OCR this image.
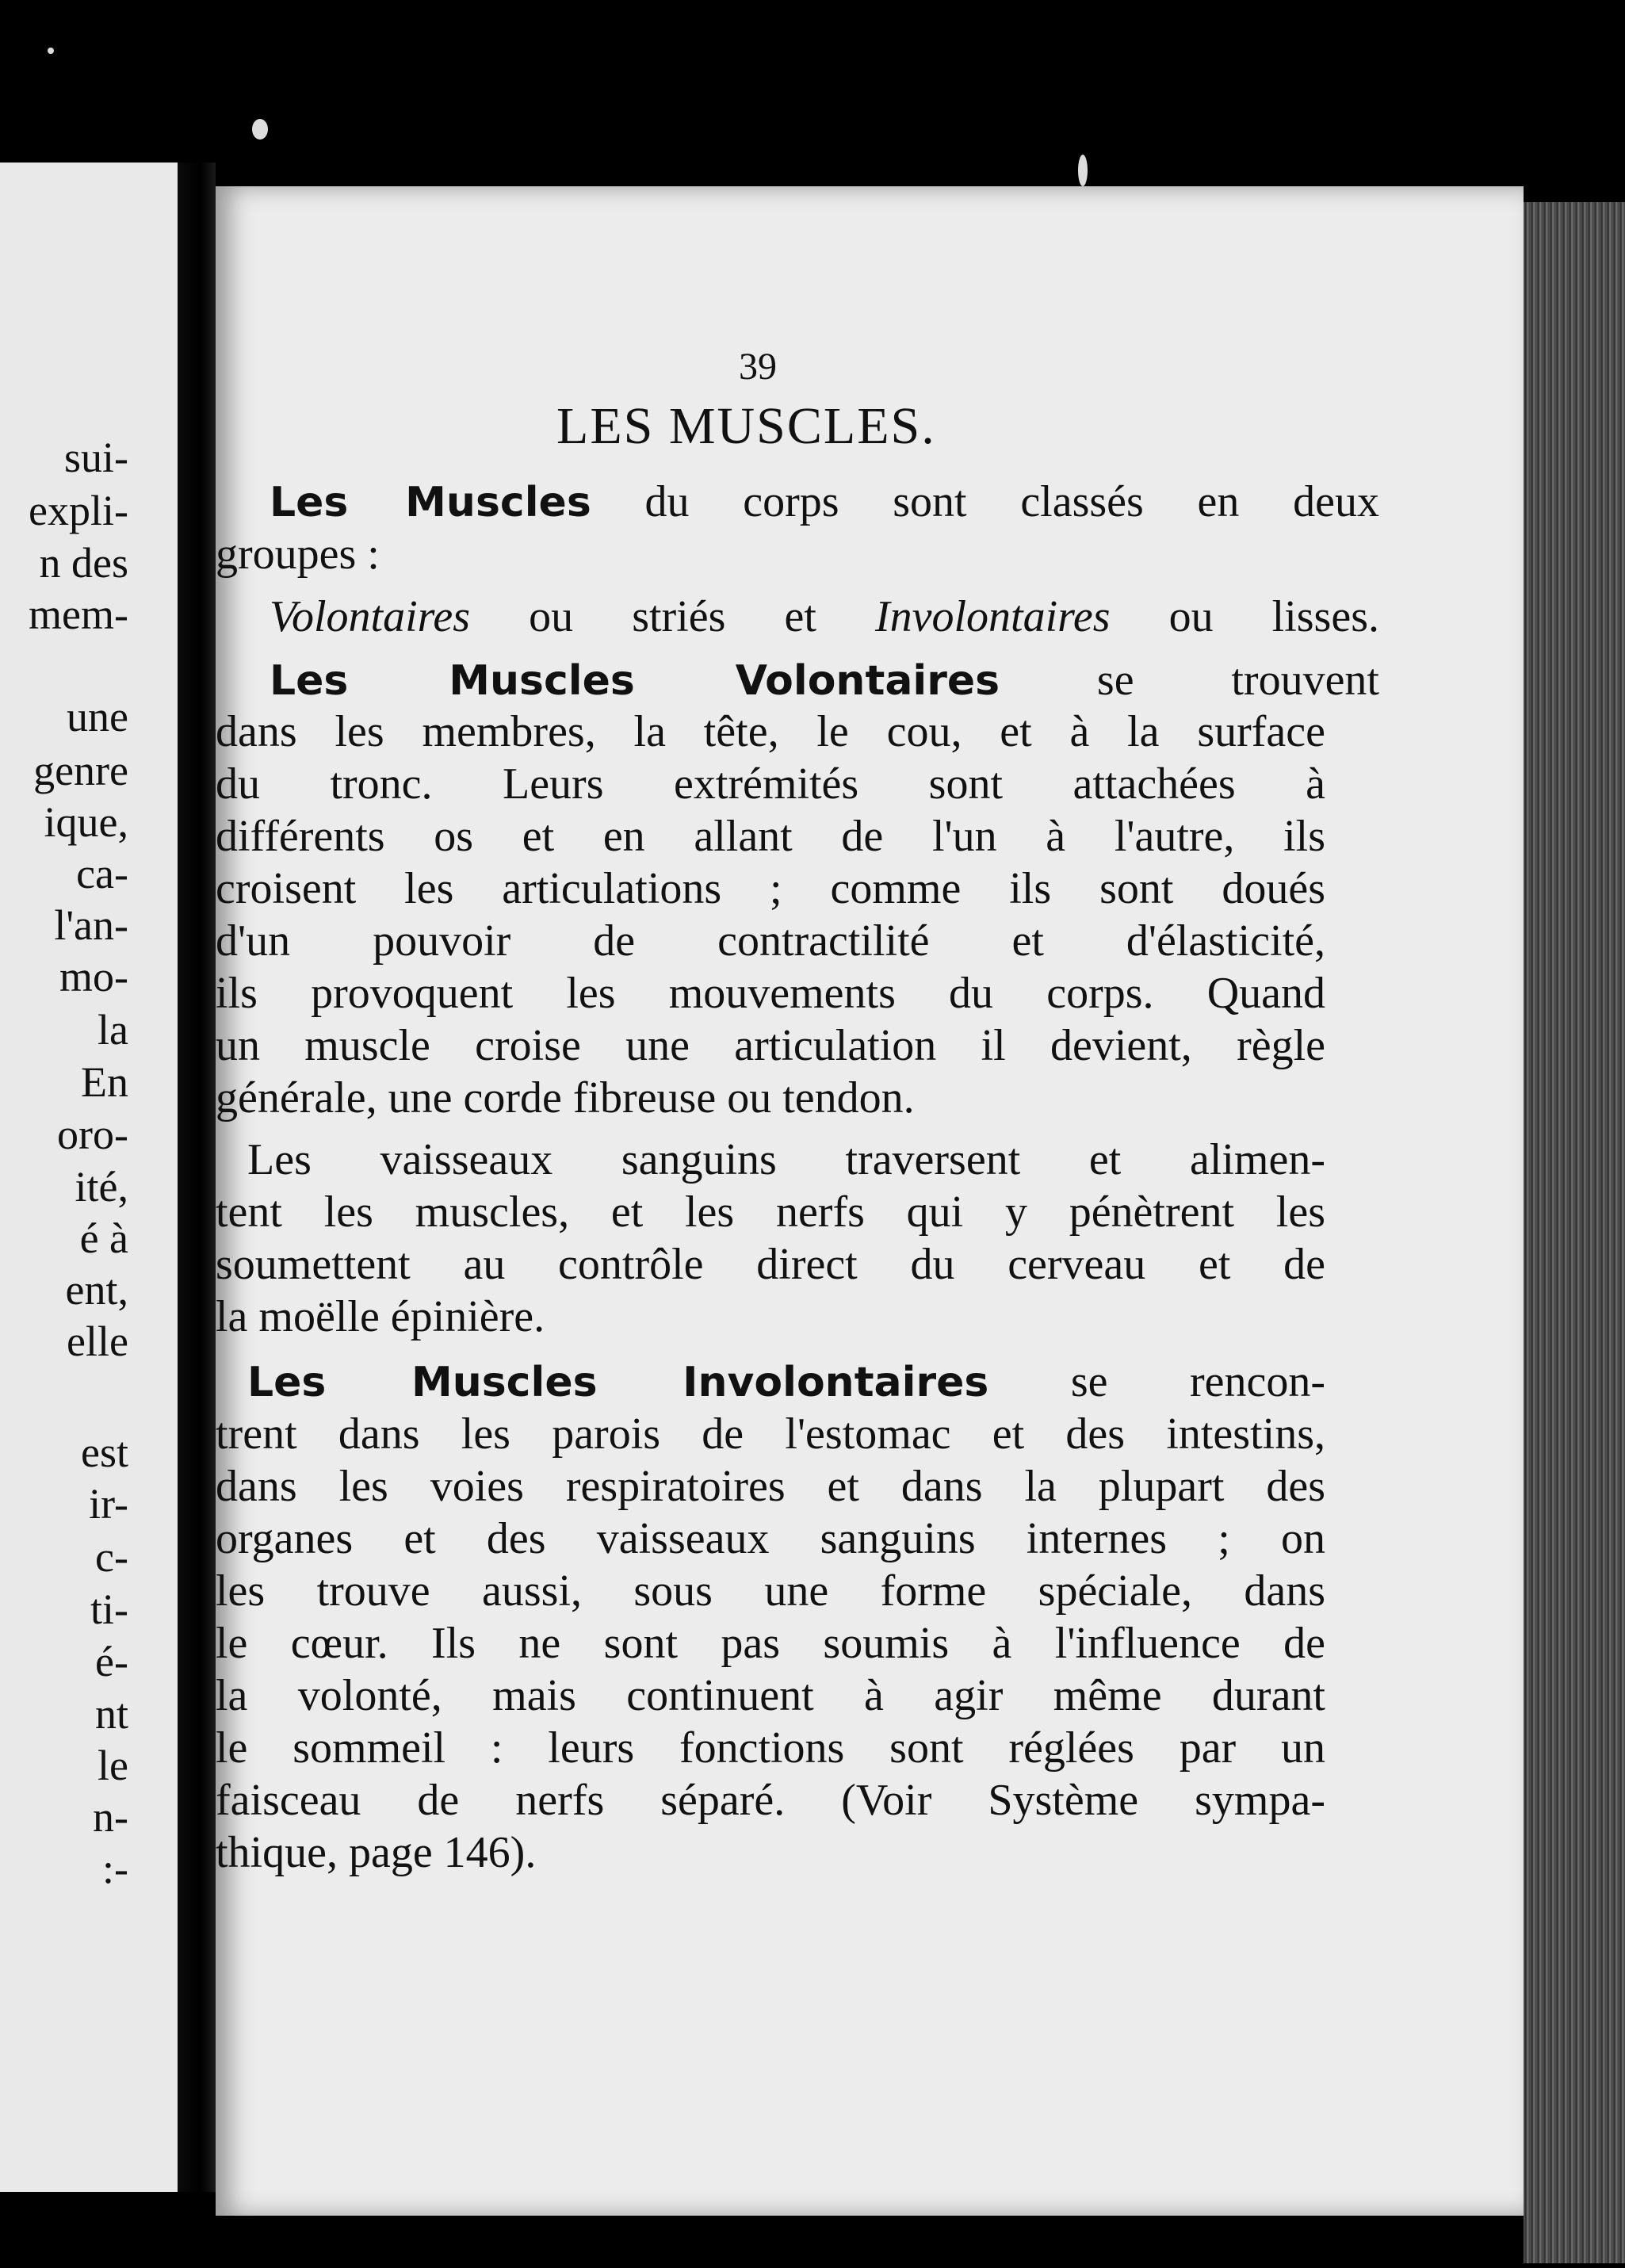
suі-
expli-
n des
mem-
une
genre
ique,
ca-
l'an-
mo-
la
En
oro-
ité,
é à
ent,
elle
est
ir-
c-
ti-
é-
nt
le
n-
:-
39
LES MUSCLES.
Les Muscles du corps sont classés en deux
groupes :
Volontaires ou striés et Involontaires ou lisses.
Les Muscles Volontaires se trouvent
dans les membres, la tête, le cou, et à la surface
du tronc. Leurs extrémités sont attachées à
différents os et en allant de l'un à l'autre, ils
croisent les articulations ; comme ils sont doués
d'un pouvoir de contractilité et d'élasticité,
ils provoquent les mouvements du corps. Quand
un muscle croise une articulation il devient, règle
générale, une corde fibreuse ou tendon.
Les vaisseaux sanguins traversent et alimen-
tent les muscles, et les nerfs qui y pénètrent les
soumettent au contrôle direct du cerveau et de
la moëlle épinière.
Les Muscles Involontaires se rencon-
trent dans les parois de l'estomac et des intestins,
dans les voies respiratoires et dans la plupart des
organes et des vaisseaux sanguins internes ; on
les trouve aussi, sous une forme spéciale, dans
le cœur. Ils ne sont pas soumis à l'influence de
la volonté, mais continuent à agir même durant
le sommeil : leurs fonctions sont réglées par un
faisceau de nerfs séparé. (Voir Système sympa-
thique, page 146).
